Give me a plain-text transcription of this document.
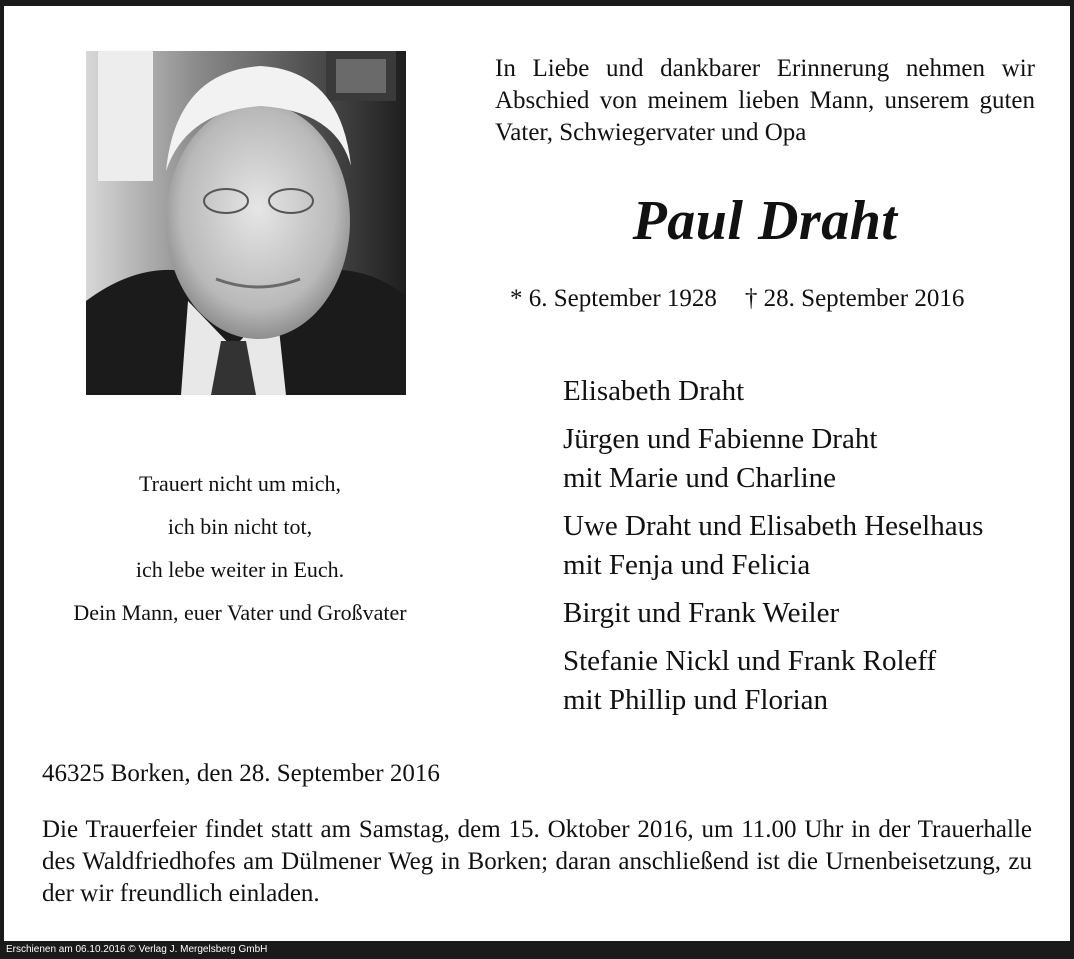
In Liebe und dankbarer Erinnerung nehmen wir Abschied von meinem lieben Mann, unserem guten Vater, Schwiegervater und Opa

Paul Draht
* 6. September 1928 † 28. September 2016
Trauert nicht um mich,
ich bin nicht tot,
ich lebe weiter in Euch.
Dein Mann, euer Vater und Großvater
Elisabeth Draht
Jürgen und Fabienne Draht
mit Marie und Charline
Uwe Draht und Elisabeth Heselhaus
mit Fenja und Felicia
Birgit und Frank Weiler
Stefanie Nickl und Frank Roleff
mit Phillip und Florian
46325 Borken, den 28. September 2016
Die Trauerfeier findet statt am Samstag, dem 15. Oktober 2016, um 11.00 Uhr in der Trauerhalle des Waldfriedhofes am Dülmener Weg in Borken; daran anschließend ist die Urnenbeisetzung, zu der wir freundlich einladen.
Erschienen am 06.10.2016 © Verlag J. Mergelsberg GmbH
